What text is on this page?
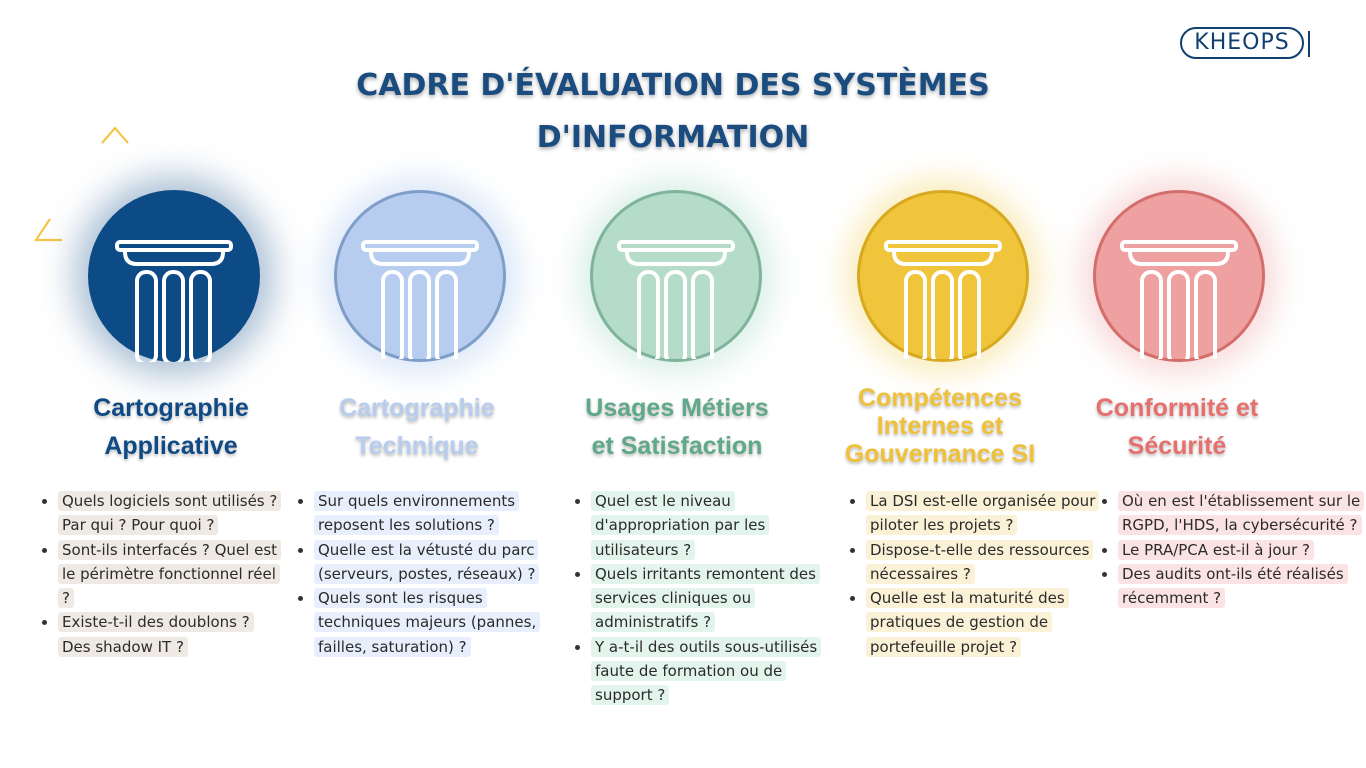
KHEOPS
CADRE D'ÉVALUATION DES SYSTÈMES
D'INFORMATION
Cartographie
Applicative
• Quels logiciels sont utilisés ? Par qui ? Pour quoi ?
• Sont-ils interfacés ? Quel est le périmètre fonctionnel réel ?
• Existe-t-il des doublons ? Des shadow IT ?
Cartographie
Technique
• Sur quels environnements reposent les solutions ?
• Quelle est la vétusté du parc (serveurs, postes, réseaux) ?
• Quels sont les risques techniques majeurs (pannes, failles, saturation) ?
Usages Métiers
et Satisfaction
• Quel est le niveau d'appropriation par les utilisateurs ?
• Quels irritants remontent des services cliniques ou administratifs ?
• Y a-t-il des outils sous-utilisés faute de formation ou de support ?
Compétences
Internes et
Gouvernance SI
• La DSI est-elle organisée pour piloter les projets ?
• Dispose-t-elle des ressources nécessaires ?
• Quelle est la maturité des pratiques de gestion de portefeuille projet ?
Conformité et
Sécurité
• Où en est l'établissement sur le RGPD, l'HDS, la cybersécurité ?
• Le PRA/PCA est-il à jour ?
• Des audits ont-ils été réalisés récemment ?
